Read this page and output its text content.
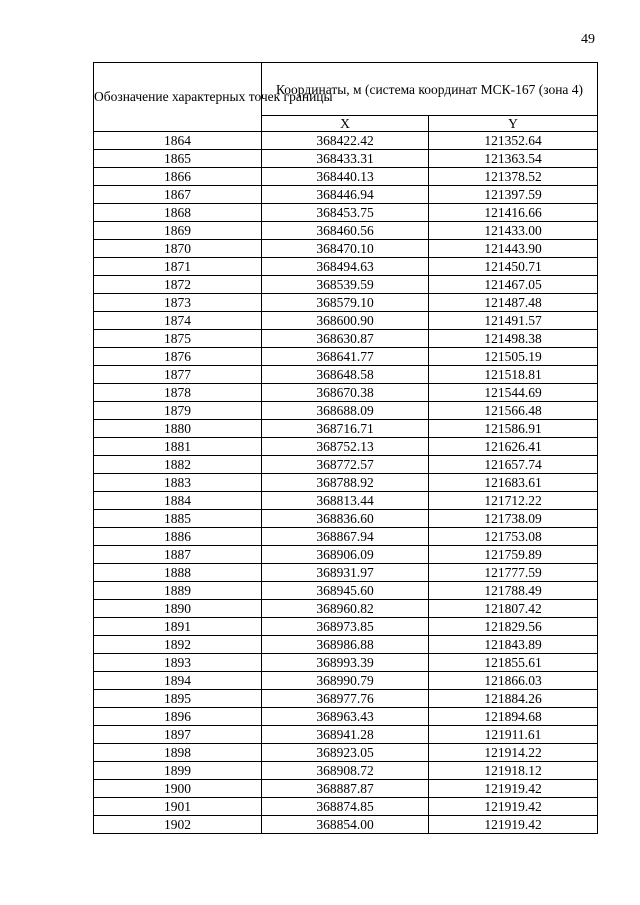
49
Обозначение характерных точек границы	Координаты, м (система координат МСК-167 (зона 4)	
	X	Y
1864	368422.42	121352.64
1865	368433.31	121363.54
1866	368440.13	121378.52
1867	368446.94	121397.59
1868	368453.75	121416.66
1869	368460.56	121433.00
1870	368470.10	121443.90
1871	368494.63	121450.71
1872	368539.59	121467.05
1873	368579.10	121487.48
1874	368600.90	121491.57
1875	368630.87	121498.38
1876	368641.77	121505.19
1877	368648.58	121518.81
1878	368670.38	121544.69
1879	368688.09	121566.48
1880	368716.71	121586.91
1881	368752.13	121626.41
1882	368772.57	121657.74
1883	368788.92	121683.61
1884	368813.44	121712.22
1885	368836.60	121738.09
1886	368867.94	121753.08
1887	368906.09	121759.89
1888	368931.97	121777.59
1889	368945.60	121788.49
1890	368960.82	121807.42
1891	368973.85	121829.56
1892	368986.88	121843.89
1893	368993.39	121855.61
1894	368990.79	121866.03
1895	368977.76	121884.26
1896	368963.43	121894.68
1897	368941.28	121911.61
1898	368923.05	121914.22
1899	368908.72	121918.12
1900	368887.87	121919.42
1901	368874.85	121919.42
1902	368854.00	121919.42
